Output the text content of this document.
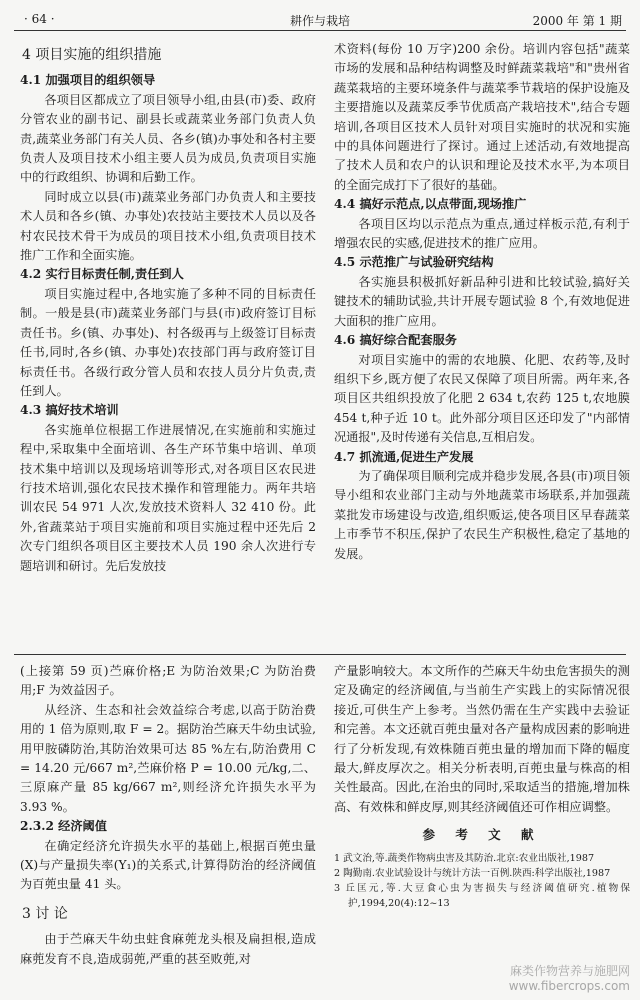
· 64 ·	耕作与栽培	2000 年 第 1 期
4 项目实施的组织措施
4.1 加强项目的组织领导

各项目区都成立了项目领导小组,由县(市)委、政府分管农业的副书记、副县长或蔬菜业务部门负责人负责,蔬菜业务部门有关人员、各乡(镇)办事处和各村主要负责人及项目技术小组主要人员为成员,负责项目实施中的行政组织、协调和后勤工作。

同时成立以县(市)蔬菜业务部门办负责人和主要技术人员和各乡(镇、办事处)农技站主要技术人员以及各村农民技术骨干为成员的项目技术小组,负责项目技术推广工作和全面实施。

4.2 实行目标责任制,责任到人

项目实施过程中,各地实施了多种不同的目标责任制。一般是县(市)蔬菜业务部门与县(市)政府签订目标责任书。乡(镇、办事处)、村各级再与上级签订目标责任书,同时,各乡(镇、办事处)农技部门再与政府签订目标责任书。各级行政分管人员和农技人员分片负责,责任到人。

4.3 搞好技术培训

各实施单位根据工作进展情况,在实施前和实施过程中,采取集中全面培训、各生产环节集中培训、单项技术集中培训以及现场培训等形式,对各项目区农民进行技术培训,强化农民技术操作和管理能力。两年共培训农民 54 971 人次,发放技术资料人 32 410 份。此外,省蔬菜站于项目实施前和项目实施过程中还先后 2 次专门组织各项目区主要技术人员 190 余人次进行专题培训和研讨。先后发放技

术资料(每份 10 万字)200 余份。培训内容包括"蔬菜市场的发展和品种结构调整及时鲜蔬菜栽培"和"贵州省蔬菜栽培的主要环境条件与蔬菜季节栽培的保护设施及主要措施以及蔬菜反季节优质高产栽培技术",结合专题培训,各项目区技术人员针对项目实施时的状况和实施中的具体问题进行了探讨。通过上述活动,有效地提高了技术人员和农户的认识和理论及技术水平,为本项目的全面完成打下了很好的基础。

4.4 搞好示范点,以点带面,现场推广

各项目区均以示范点为重点,通过样板示范,有利于增强农民的实感,促进技术的推广应用。

4.5 示范推广与试验研究结构

各实施县积极抓好新品种引进和比较试验,搞好关键技术的辅助试验,共计开展专题试验 8 个,有效地促进大面积的推广应用。

4.6 搞好综合配套服务

对项目实施中的需的农地膜、化肥、农药等,及时组织下乡,既方便了农民又保障了项目所需。两年来,各项目区共组织投放了化肥 2 634 t,农药 125 t,农地膜 454 t,种子近 10 t。此外部分项目区还印发了"内部情况通报",及时传递有关信息,互相启发。

4.7 抓流通,促进生产发展

为了确保项目顺利完成并稳步发展,各县(市)项目领导小组和农业部门主动与外地蔬菜市场联系,并加强蔬菜批发市场建设与改造,组织贩运,使各项目区早春蔬菜上市季节不积压,保护了农民生产积极性,稳定了基地的发展。

(上接第 59 页)苎麻价格;E 为防治效果;C 为防治费用;F 为效益因子。

从经济、生态和社会效益综合考虑,以高于防治费用的 1 倍为原则,取 F = 2。据防治苎麻天牛幼虫试验,用甲胺磷防治,其防治效果可达 85 %左右,防治费用 C = 14.20 元/667 m²,苎麻价格 P = 10.00 元/kg,二、三原麻产量 85 kg/667 m²,则经济允许损失水平为 3.93 %。

2.3.2 经济阈值

在确定经济允许损失水平的基础上,根据百蔸虫量(X)与产量损失率(Y₁)的关系式,计算得防治的经济阈值为百蔸虫量 41 头。

3 讨 论

由于苎麻天牛幼虫蛀食麻蔸龙头根及扁担根,造成麻蔸发育不良,造成弱蔸,严重的甚至败蔸,对

产量影响较大。本文所作的苎麻天牛幼虫危害损失的测定及确定的经济阈值,与当前生产实践上的实际情况很接近,可供生产上参考。当然仍需在生产实践中去验证和完善。本文还就百蔸虫量对各产量构成因素的影响进行了分析发现,有效株随百蔸虫量的增加而下降的幅度最大,鲜皮厚次之。相关分析表明,百蔸虫量与株高的相关性最高。因此,在治虫的同时,采取适当的措施,增加株高、有效株和鲜皮厚,则其经济阈值还可作相应调整。

参 考 文 献

1 武文治,等.蔬类作物病虫害及其防治.北京:农业出版社,1987

2 陶勤南.农业试验设计与统计方法一百例.陕西:科学出版社,1987

3 丘匡元,等.大豆食心虫为害损失与经济阈值研究.植物保护,1994,20(4):12~13

麻类作物营养与施肥网
www.fibercrops.com
